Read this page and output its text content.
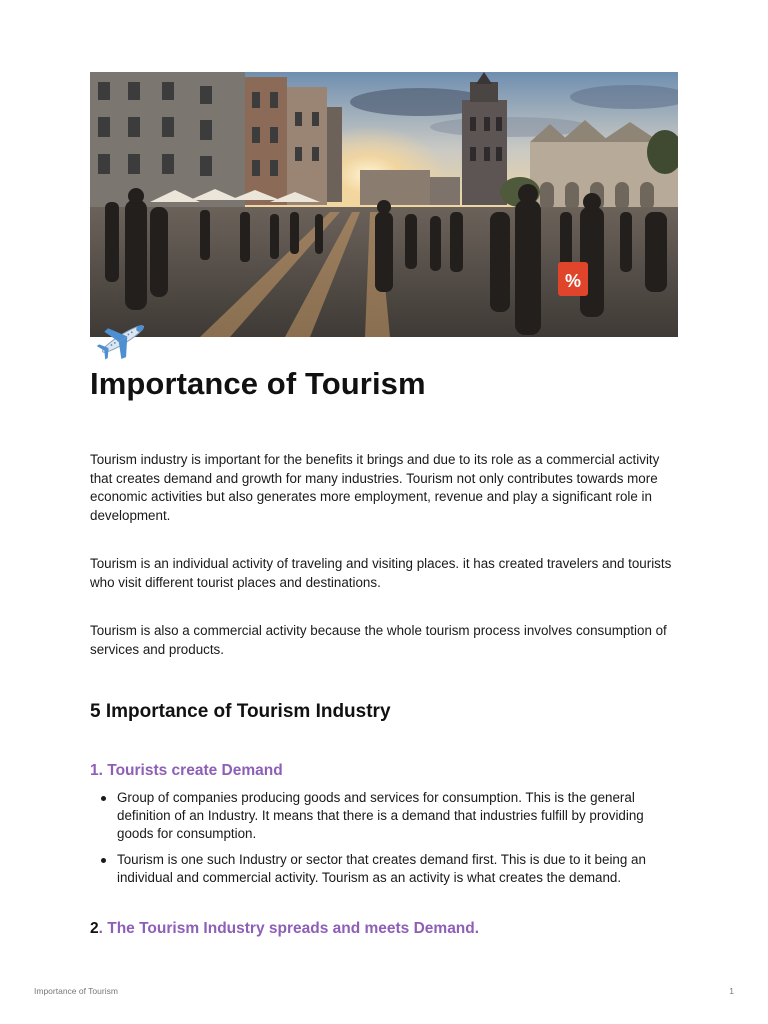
%
Importance of Tourism

Tourism industry is important for the benefits it brings and due to its role as a commercial activity that creates demand and growth for many industries. Tourism not only contributes towards more economic activities but also generates more employment, revenue and play a significant role in development.

Tourism is an individual activity of traveling and visiting places. it has created travelers and tourists who visit different tourist places and destinations.

Tourism is also a commercial activity because the whole tourism process involves consumption of services and products.

5 Importance of Tourism Industry
1. Tourists create Demand
Group of companies producing goods and services for consumption. This is the general definition of an Industry. It means that there is a demand that industries fulfill by providing goods for consumption.
Tourism is one such Industry or sector that creates demand first. This is due to it being an individual and commercial activity. Tourism as an activity is what creates the demand.
2. The Tourism Industry spreads and meets Demand.
Importance of Tourism	1
